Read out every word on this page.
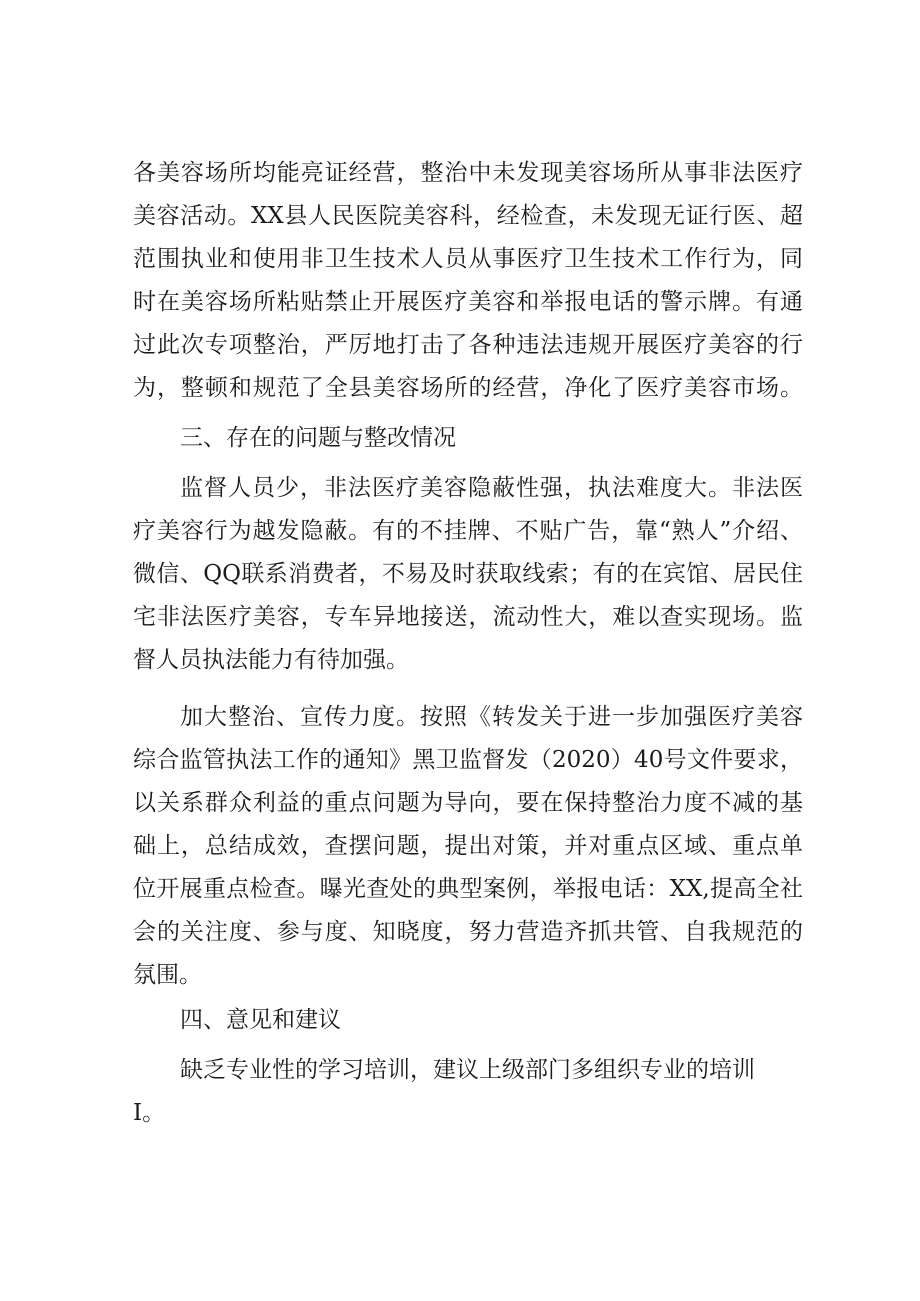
各美容场所均能亮证经营，整治中未发现美容场所从事非法医疗
美容活动。XX县人民医院美容科，经检查，未发现无证行医、超
范围执业和使用非卫生技术人员从事医疗卫生技术工作行为，同
时在美容场所粘贴禁止开展医疗美容和举报电话的警示牌。有通
过此次专项整治，严厉地打击了各种违法违规开展医疗美容的行
为，整顿和规范了全县美容场所的经营，净化了医疗美容市场。
三、存在的问题与整改情况
监督人员少，非法医疗美容隐蔽性强，执法难度大。非法医
疗美容行为越发隐蔽。有的不挂牌、不贴广告，靠“熟人”介绍、
微信、QQ联系消费者，不易及时获取线索；有的在宾馆、居民住
宅非法医疗美容，专车异地接送，流动性大，难以查实现场。监
督人员执法能力有待加强。
加大整治、宣传力度。按照《转发关于进一步加强医疗美容
综合监管执法工作的通知》黑卫监督发（2020）40号文件要求，
以关系群众利益的重点问题为导向，要在保持整治力度不减的基
础上，总结成效，查摆问题，提出对策，并对重点区域、重点单
位开展重点检查。曝光查处的典型案例，举报电话：XX,提高全社
会的关注度、参与度、知晓度，努力营造齐抓共管、自我规范的
氛围。
四、意见和建议
缺乏专业性的学习培训，建议上级部门多组织专业的培训
I。
